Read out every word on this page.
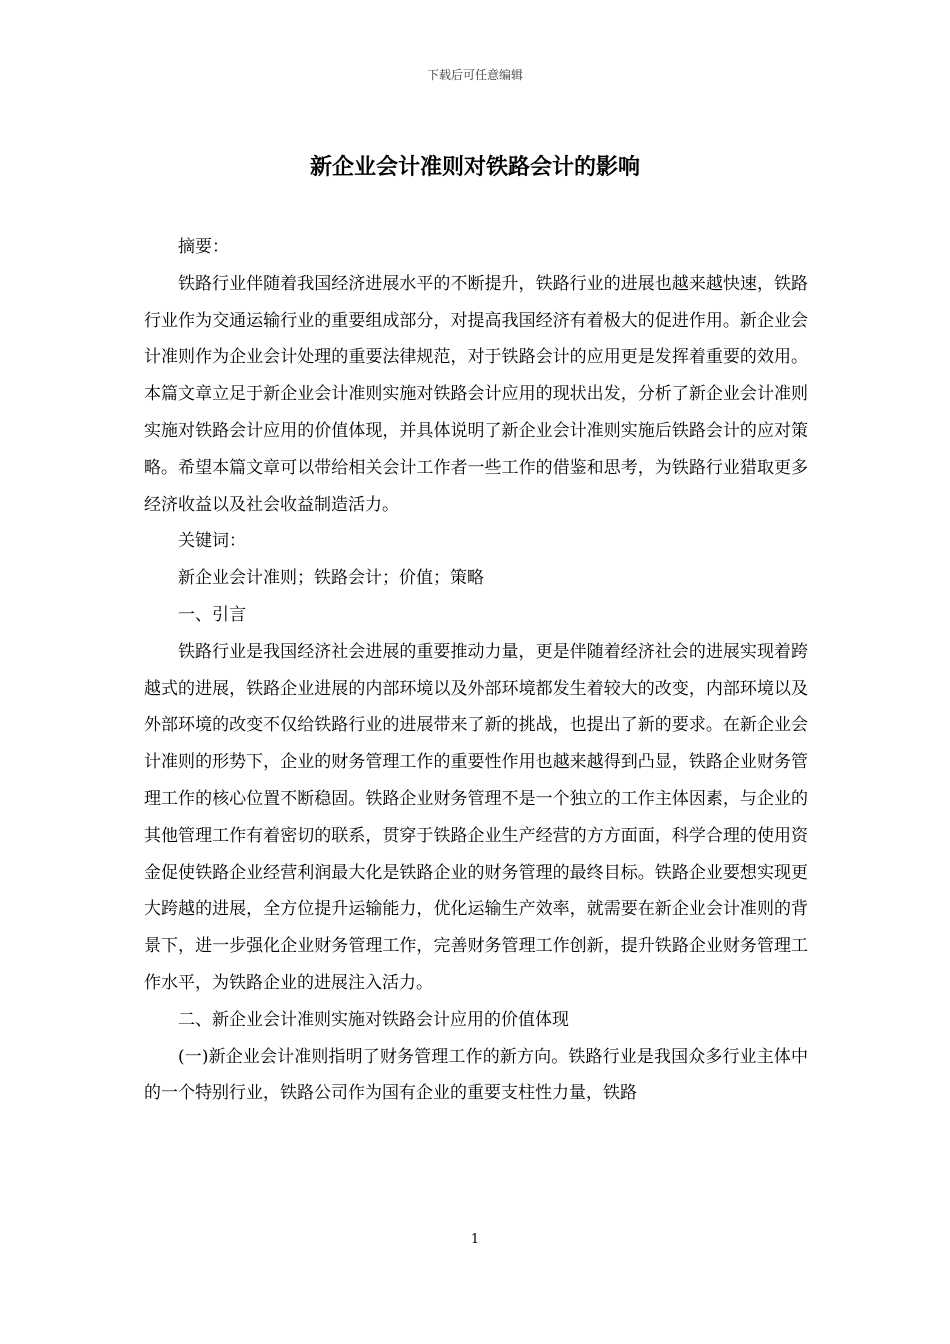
下载后可任意编辑
新企业会计准则对铁路会计的影响

摘要：

铁路行业伴随着我国经济进展水平的不断提升，铁路行业的进展也越来越快速，铁路行业作为交通运输行业的重要组成部分，对提高我国经济有着极大的促进作用。新企业会计准则作为企业会计处理的重要法律规范，对于铁路会计的应用更是发挥着重要的效用。本篇文章立足于新企业会计准则实施对铁路会计应用的现状出发，分析了新企业会计准则实施对铁路会计应用的价值体现，并具体说明了新企业会计准则实施后铁路会计的应对策略。希望本篇文章可以带给相关会计工作者一些工作的借鉴和思考，为铁路行业猎取更多经济收益以及社会收益制造活力。

关键词：

新企业会计准则；铁路会计；价值；策略

一、引言

铁路行业是我国经济社会进展的重要推动力量，更是伴随着经济社会的进展实现着跨越式的进展，铁路企业进展的内部环境以及外部环境都发生着较大的改变，内部环境以及外部环境的改变不仅给铁路行业的进展带来了新的挑战，也提出了新的要求。在新企业会计准则的形势下，企业的财务管理工作的重要性作用也越来越得到凸显，铁路企业财务管理工作的核心位置不断稳固。铁路企业财务管理不是一个独立的工作主体因素，与企业的其他管理工作有着密切的联系，贯穿于铁路企业生产经营的方方面面，科学合理的使用资金促使铁路企业经营利润最大化是铁路企业的财务管理的最终目标。铁路企业要想实现更大跨越的进展，全方位提升运输能力，优化运输生产效率，就需要在新企业会计准则的背景下，进一步强化企业财务管理工作，完善财务管理工作创新，提升铁路企业财务管理工作水平，为铁路企业的进展注入活力。

二、新企业会计准则实施对铁路会计应用的价值体现

(一)新企业会计准则指明了财务管理工作的新方向。铁路行业是我国众多行业主体中的一个特别行业，铁路公司作为国有企业的重要支柱性力量，铁路

1
